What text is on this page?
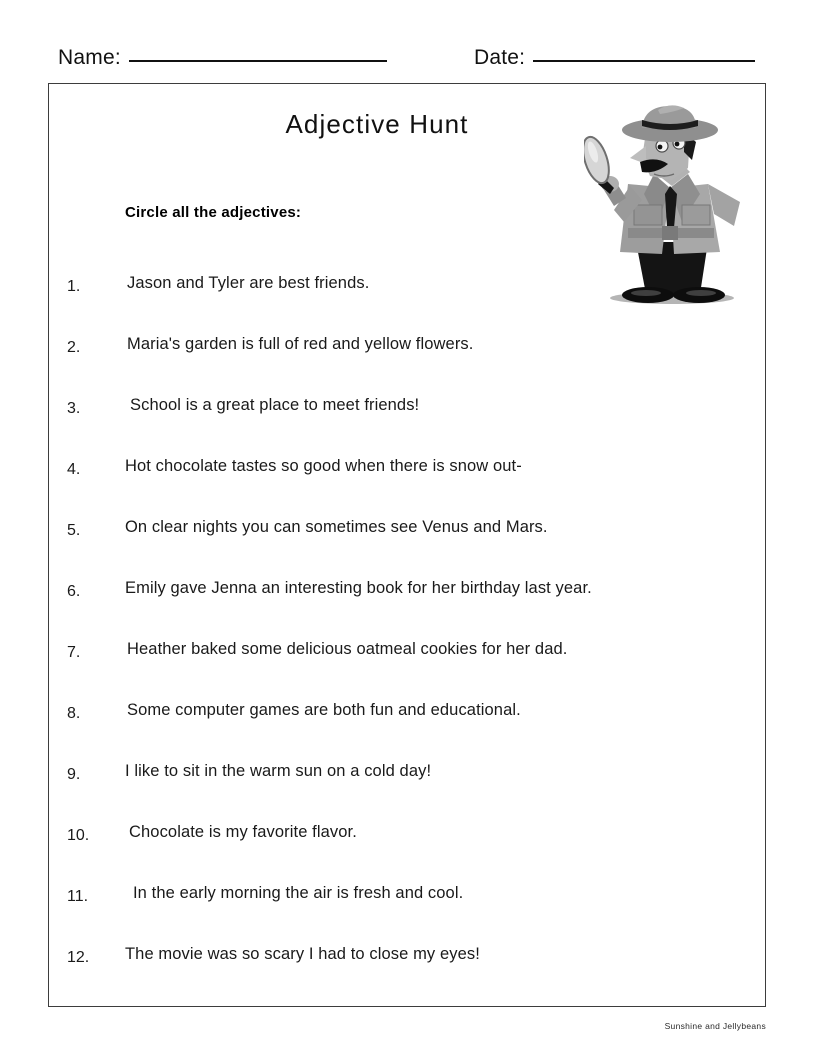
Name:	Date:
Adjective Hunt
Circle all the adjectives:
1.	Jason and Tyler are best friends.
2.	Maria's garden is full of red and yellow flowers.
3.	School is a great place to meet friends!
4.	Hot chocolate tastes so good when there is snow out-
5.	On clear nights you can sometimes see Venus and Mars.
6.	Emily gave Jenna an interesting book for her birthday last year.
7.	Heather baked some delicious oatmeal cookies for her dad.
8.	Some computer games are both fun and educational.
9.	I like to sit in the warm sun on a cold day!
10.	Chocolate is my favorite flavor.
11.	In the early morning the air is fresh and cool.
12.	The movie was so scary I had to close my eyes!
Sunshine and Jellybeans
